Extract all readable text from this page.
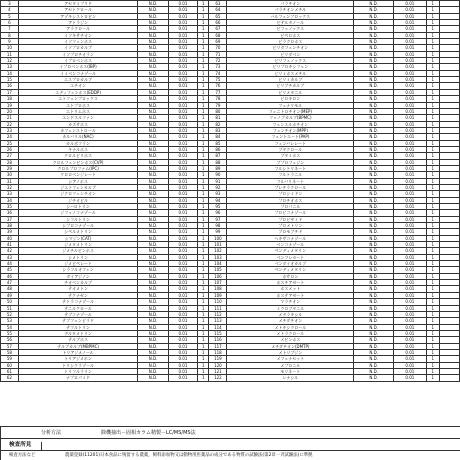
3	アセタミプリド	N.D.	0.01	1	63	パラチオン	N.D.	0.01	1	
4	アセトクロール	N.D.	0.01	1	64	パラチオンメチル	N.D.	0.01	1	
5	アゾキシストロビン	N.D.	0.01	1	65	ハルフェンプロックス	N.D.	0.01	1	
6	アトラジン	N.D.	0.01	1	66	ビテルタノール	N.D.	0.01	1	
7	アラクロール	N.D.	0.01	1	67	ビフェノックス	N.D.	0.01	1	
8	イソキサチオン	N.D.	0.01	1	68	ピペロホス	N.D.	0.01	1	
9	イソフェンホス	N.D.	0.01	1	69	ピラクロホス	N.D.	0.01	1	
10	イソプロカルブ	N.D.	0.01	1	70	ピリダフェンチオン	N.D.	0.01	1	
11	イソプロチオラン	N.D.	0.01	1	71	ピリダベン	N.D.	0.01	1	
12	イプロベンホス	N.D.	0.01	1	72	ピリフェノックス	N.D.	0.01	1	
13	イプロベンホス(IBP)	N.D.	0.01	1	73	ピリプロキシフェン	N.D.	0.01	1	
14	イミベンコナゾール	N.D.	0.01	1	74	ピリミホスメチル	N.D.	0.01	1	
15	エスプロカルブ	N.D.	0.01	1	75	ピリミカルブ	N.D.	0.01	1	
16	エチオン	N.D.	0.01	1	76	ピリブチカルブ	N.D.	0.01	1	
17	エディフェンホス(EDDP)	N.D.	0.01	1	77	ピリメタニル	N.D.	0.01	1	
18	エトフェンプロックス	N.D.	0.01	1	78	ピロキロン	N.D.	0.01	1	
19	エトプロホス	N.D.	0.01	1	79	フェナリモル	N.D.	0.01	1	
20	エトリムホス	N.D.	0.01	1	80	フェニトロチオン(MEP)	N.D.	0.01	1	
21	エンドスルファン	N.D.	0.01	1	81	フェノブカルブ(BPMC)	N.D.	0.01	1	
22	カズサホス	N.D.	0.01	1	82	フェンスルホチオン	N.D.	0.01	1	
23	カフェンストロール	N.D.	0.01	1	83	フェンチオン(MPP)	N.D.	0.01	1	
24	カルバリル(NAC)	N.D.	0.01	1	84	フェントエート(PAP)	N.D.	0.01	1	
25	カルボフラン	N.D.	0.01	1	85	フェンバレレート	N.D.	0.01	1	
26	キナルホス	N.D.	0.01	1	86	ブタクロール	N.D.	0.01	1	
27	クロルピリホス	N.D.	0.01	1	87	ブタミホス	N.D.	0.01	1	
28	クロルフェンビンホス(CVP)	N.D.	0.01	1	88	ブプロフェジン	N.D.	0.01	1	
29	クロルプロファム(IPC)	N.D.	0.01	1	89	フルシトリネート	N.D.	0.01	1	
30	クロロベンジレート	N.D.	0.01	1	90	フルトラニル	N.D.	0.01	1	
31	シアノホス	N.D.	0.01	1	91	フルバリネート	N.D.	0.01	1	
32	ジエトフェンカルブ	N.D.	0.01	1	92	プレチラクロール	N.D.	0.01	1	
33	ジクロフェンチオン	N.D.	0.01	1	93	プロシミドン	N.D.	0.01	1	
34	ジチオピル	N.D.	0.01	1	94	プロチオホス	N.D.	0.01	1	
35	シハロトリン	N.D.	0.01	1	95	プロパニル	N.D.	0.01	1	
36	ジフェノコナゾール	N.D.	0.01	1	96	プロピコナゾール	N.D.	0.01	1	
37	シフルトリン	N.D.	0.01	1	97	プロピザミド	N.D.	0.01	1	
38	シプロコナゾール	N.D.	0.01	1	98	プロメトリン	N.D.	0.01	1	
39	シペルメトリン	N.D.	0.01	1	99	ブロモブチド	N.D.	0.01	1	
40	シマジン(CAT)	N.D.	0.01	1	100	ヘキサコナゾール	N.D.	0.01	1	
41	ジメタメトリン	N.D.	0.01	1	101	ベンコナゾール	N.D.	0.01	1	
42	ジメチルビンホス	N.D.	0.01	1	102	ペンディメタリン	N.D.	0.01	1	
43	シメトリン	N.D.	0.01	1	103	ベンフレセート	N.D.	0.01	1	
44	ジメピペレート	N.D.	0.01	1	104	ベンダイオカルブ	N.D.	0.01	1	
45	シラフルオフェン	N.D.	0.01	1	105	ペンディメタリン	N.D.	0.01	1	
46	ダイアジノン	N.D.	0.01	1	106	ホサロン	N.D.	0.01	1	
47	チオベンカルブ	N.D.	0.01	1	107	ホスチアゼート	N.D.	0.01	1	
48	テオメトン	N.D.	0.01	1	108	ホスメット	N.D.	0.01	1	
49	テクナゼン	N.D.	0.01	1	109	ホステアゼート	N.D.	0.01	1	
50	テトラコナゾール	N.D.	0.01	1	110	マラチオン	N.D.	0.01	1	
51	テニルクロール	N.D.	0.01	1	111	ミクロブタニル	N.D.	0.01	1	
52	テブコナゾール	N.D.	0.01	1	112	メタラキシル	N.D.	0.01	1	
53	テブフェンピラド	N.D.	0.01	1	113	メチダチオン	N.D.	0.01	1	
54	テフルトリン	N.D.	0.01	1	114	メトキシクロール	N.D.	0.01	1	
55	デルタメトリン	N.D.	0.01	1	115	メトラクロール	N.D.	0.01	1	
56	テルブホス	N.D.	0.01	1	116	メビンホス	N.D.	0.01	1	
57	テルブカルブ(MBPMC)	N.D.	0.01	1	117	メチダチオン(DMTP)	N.D.	0.01	1	
58	トリアジメノール	N.D.	0.01	1	118	メトリブジン	N.D.	0.01	1	
59	トリアジメホン	N.D.	0.01	1	119	メフェナセット	N.D.	0.01	1	
60	トリシクラゾール	N.D.	0.01	1	120	メプロニル	N.D.	0.01	1	
61	トリフルラリン	N.D.	0.01	1	121	モリネート	N.D.	0.01	1	
62	ナプロパミド	N.D.	0.01	1	122	レナシル	N.D.	0.01	1	
分析方法	除機抽出－固相カラム精製－LC/MS/MS法
検査所見
検査方法など	農薬登録(11201)日本食品に残留する農薬，飼料添加物又は動物用医薬品の成分である物質の試験法(第2章一斉試験法)に準拠
